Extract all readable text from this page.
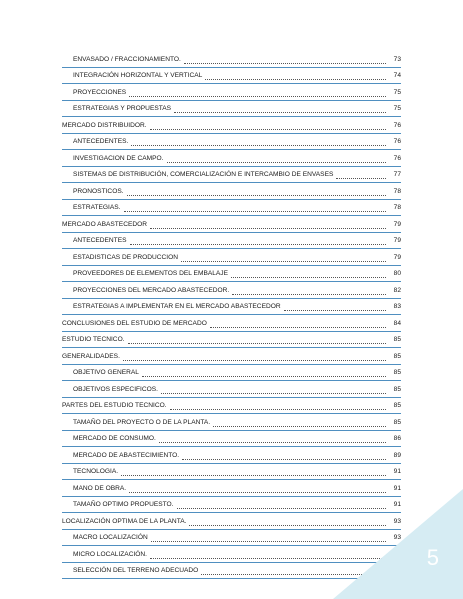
ENVASADO / FRACCIONAMIENTO.	73
INTEGRACIÓN HORIZONTAL Y VERTICAL	74
PROYECCIONES	75
ESTRATEGIAS Y PROPUESTAS	75
MERCADO DISTRIBUIDOR.	76
ANTECEDENTES.	76
INVESTIGACION DE CAMPO.	76
SISTEMAS DE DISTRIBUCIÓN, COMERCIALIZACIÓN E INTERCAMBIO DE ENVASES	77
PRONOSTICOS.	78
ESTRATEGIAS.	78
MERCADO ABASTECEDOR	79
ANTECEDENTES	79
ESTADISTICAS DE PRODUCCION	79
PROVEEDORES DE ELEMENTOS DEL EMBALAJE	80
PROYECCIONES DEL MERCADO ABASTECEDOR.	82
ESTRATEGIAS A IMPLEMENTAR EN EL MERCADO ABASTECEDOR	83
CONCLUSIONES DEL ESTUDIO DE MERCADO	84
ESTUDIO TECNICO.	85
GENERALIDADES.	85
OBJETIVO GENERAL	85
OBJETIVOS ESPECIFICOS.	85
PARTES DEL ESTUDIO TECNICO.	85
TAMAÑO DEL PROYECTO O DE LA PLANTA.	85
MERCADO DE CONSUMO.	86
MERCADO DE ABASTECIMIENTO.	89
TECNOLOGIA.	91
MANO DE OBRA.	91
TAMAÑO OPTIMO PROPUESTO.	91
LOCALIZACIÓN OPTIMA DE LA PLANTA.	93
MACRO LOCALIZACIÓN	93
MICRO LOCALIZACIÓN.
SELECCIÓN DEL TERRENO ADECUADO
5
